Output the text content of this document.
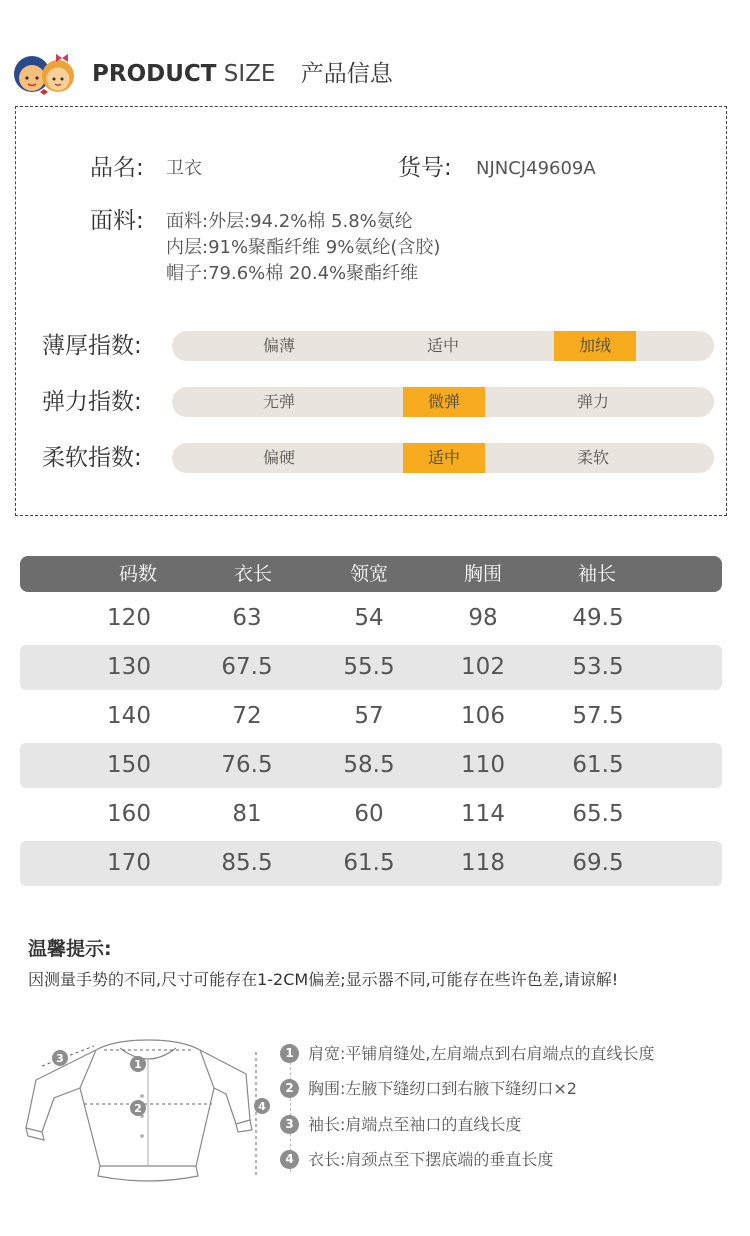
PRODUCT SIZE 产品信息
品名: 卫衣	货号: NJNCJ49609A
面料: 面料:外层:94.2%棉 5.8%氨纶
内层:91%聚酯纤维 9%氨纶(含胶)
帽子:79.6%棉 20.4%聚酯纤维
薄厚指数:	偏薄	适中	加绒
弹力指数:	无弹	微弹	弹力
柔软指数:	偏硬	适中	柔软
码数	衣长	领宽	胸围	袖长
120	63	54	98	49.5
130	67.5	55.5	102	53.5
140	72	57	106	57.5
150	76.5	58.5	110	61.5
160	81	60	114	65.5
170	85.5	61.5	118	69.5
温馨提示:
因测量手势的不同,尺寸可能存在1-2CM偏差;显示器不同,可能存在些许色差,请谅解!
1
2
3
4
1 肩宽:平铺肩缝处,左肩端点到右肩端点的直线长度
2 胸围:左腋下缝纫口到右腋下缝纫口×2
3 袖长:肩端点至袖口的直线长度
4 衣长:肩颈点至下摆底端的垂直长度
